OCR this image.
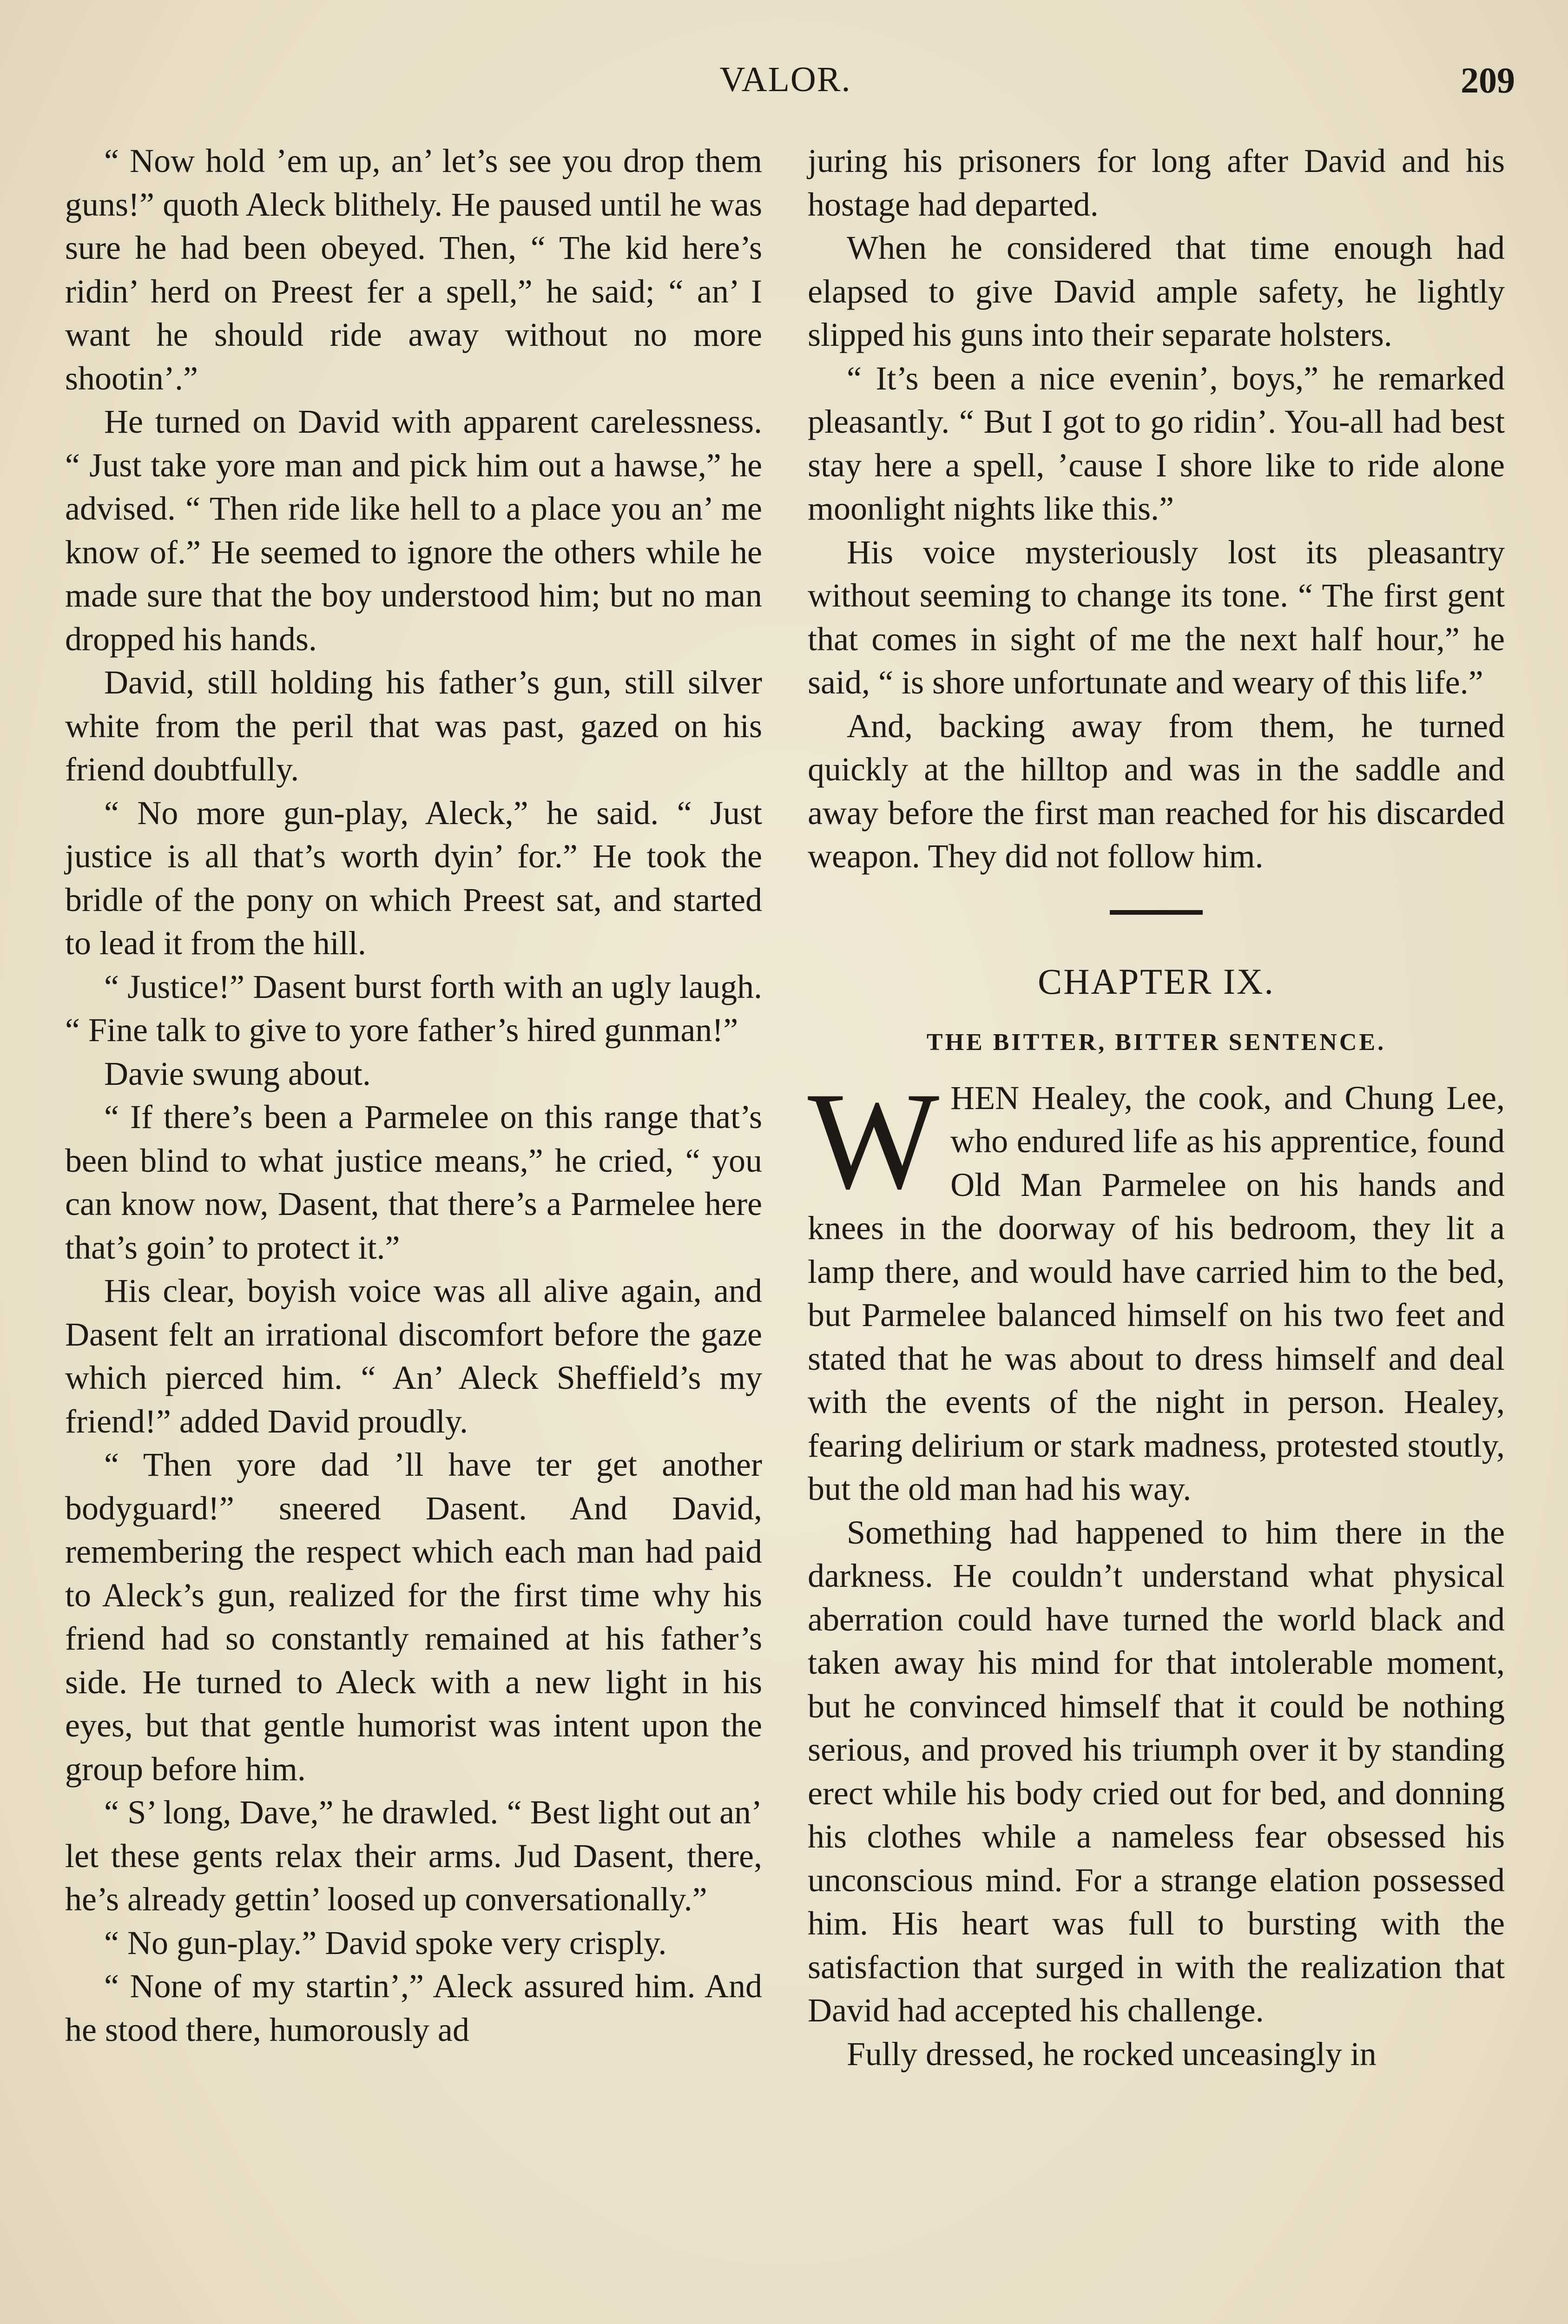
VALOR.	209

“ Now hold ’em up, an’ let’s see you drop them guns!” quoth Aleck blithely. He paused until he was sure he had been obeyed. Then, “ The kid here’s ridin’ herd on Preest fer a spell,” he said; “ an’ I want he should ride away without no more shootin’.”

He turned on David with apparent carelessness. “ Just take yore man and pick him out a hawse,” he advised. “ Then ride like hell to a place you an’ me know of.” He seemed to ignore the others while he made sure that the boy understood him; but no man dropped his hands.

David, still holding his father’s gun, still silver white from the peril that was past, gazed on his friend doubtfully.

“ No more gun-play, Aleck,” he said. “ Just justice is all that’s worth dyin’ for.” He took the bridle of the pony on which Preest sat, and started to lead it from the hill.

“ Justice!” Dasent burst forth with an ugly laugh. “ Fine talk to give to yore father’s hired gunman!”

Davie swung about.

“ If there’s been a Parmelee on this range that’s been blind to what justice means,” he cried, “ you can know now, Dasent, that there’s a Parmelee here that’s goin’ to protect it.”

His clear, boyish voice was all alive again, and Dasent felt an irrational discomfort before the gaze which pierced him. “ An’ Aleck Sheffield’s my friend!” added David proudly.

“ Then yore dad ’ll have ter get another bodyguard!” sneered Dasent. And David, remembering the respect which each man had paid to Aleck’s gun, realized for the first time why his friend had so constantly remained at his father’s side. He turned to Aleck with a new light in his eyes, but that gentle humorist was intent upon the group before him.

“ S’ long, Dave,” he drawled. “ Best light out an’ let these gents relax their arms. Jud Dasent, there, he’s already gettin’ loosed up conversationally.”

“ No gun-play.” David spoke very crisply.

“ None of my startin’,” Aleck assured him. And he stood there, humorously ad

juring his prisoners for long after David and his hostage had departed.

When he considered that time enough had elapsed to give David ample safety, he lightly slipped his guns into their separate holsters.

“ It’s been a nice evenin’, boys,” he remarked pleasantly. “ But I got to go ridin’. You-all had best stay here a spell, ’cause I shore like to ride alone moonlight nights like this.”

His voice mysteriously lost its pleasantry without seeming to change its tone. “ The first gent that comes in sight of me the next half hour,” he said, “ is shore unfortunate and weary of this life.”

And, backing away from them, he turned quickly at the hilltop and was in the saddle and away before the first man reached for his discarded weapon. They did not follow him.

CHAPTER IX.
THE BITTER, BITTER SENTENCE.

WHEN Healey, the cook, and Chung Lee, who endured life as his apprentice, found Old Man Parmelee on his hands and knees in the doorway of his bedroom, they lit a lamp there, and would have carried him to the bed, but Parmelee balanced himself on his two feet and stated that he was about to dress himself and deal with the events of the night in person. Healey, fearing delirium or stark madness, protested stoutly, but the old man had his way.

Something had happened to him there in the darkness. He couldn’t understand what physical aberration could have turned the world black and taken away his mind for that intolerable moment, but he convinced himself that it could be nothing serious, and proved his triumph over it by standing erect while his body cried out for bed, and donning his clothes while a nameless fear obsessed his unconscious mind. For a strange elation possessed him. His heart was full to bursting with the satisfaction that surged in with the realization that David had accepted his challenge.

Fully dressed, he rocked unceasingly in
